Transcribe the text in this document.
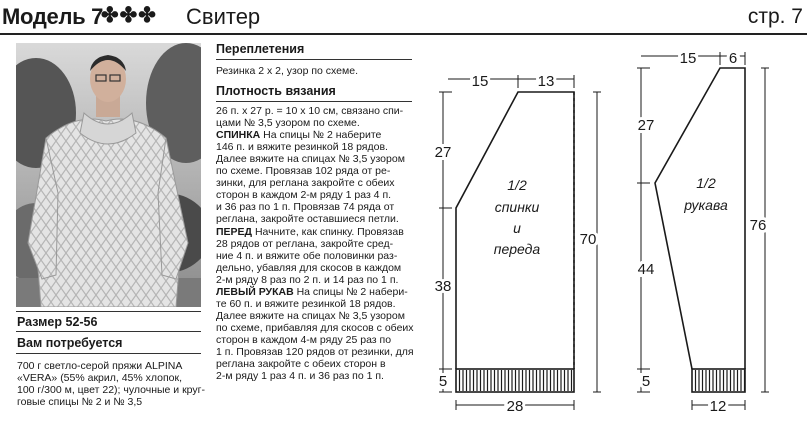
Модель 7
✤✤✤ Свитер	стр. 7
Размер 52-56
Вам потребуется
700 г светло-серой пряжи ALPINA
«VERA» (55% акрил, 45% хлопок,
100 г/300 м, цвет 22); чулочные и круг-
говые спицы № 2 и № 3,5
Переплетения
Резинка 2 x 2, узор по схеме.
Плотность вязания
26 п. x 27 р. = 10 x 10 см, связано спи-
цами № 3,5 узором по схеме.
СПИНКА На спицы № 2 наберите
146 п. и вяжите резинкой 18 рядов.
Далее вяжите на спицах № 3,5 узором
по схеме. Провязав 102 ряда от ре-
зинки, для реглана закройте с обеих
сторон в каждом 2-м ряду 1 раз 4 п.
и 36 раз по 1 п. Провязав 74 ряда от
реглана, закройте оставшиеся петли.
ПЕРЕД Начните, как спинку. Провязав
28 рядов от реглана, закройте сред-
ние 4 п. и вяжите обе половинки раз-
дельно, убавляя для скосов в каждом
2-м ряду 8 раз по 2 п. и 14 раз по 1 п.
ЛЕВЫЙ РУКАВ На спицы № 2 набери-
те 60 п. и вяжите резинкой 18 рядов.
Далее вяжите на спицах № 3,5 узором
по схеме, прибавляя для скосов с обеих
сторон в каждом 4-м ряду 25 раз по
1 п. Провязав 120 рядов от резинки, для
реглана закройте с обеих сторон в
2-м ряду 1 раз 4 п. и 36 раз по 1 п.
15	13
27
38
5
70
28
1/2
спинки
и
переда
15 6
27
44
5
76
12
1/2
рукава
